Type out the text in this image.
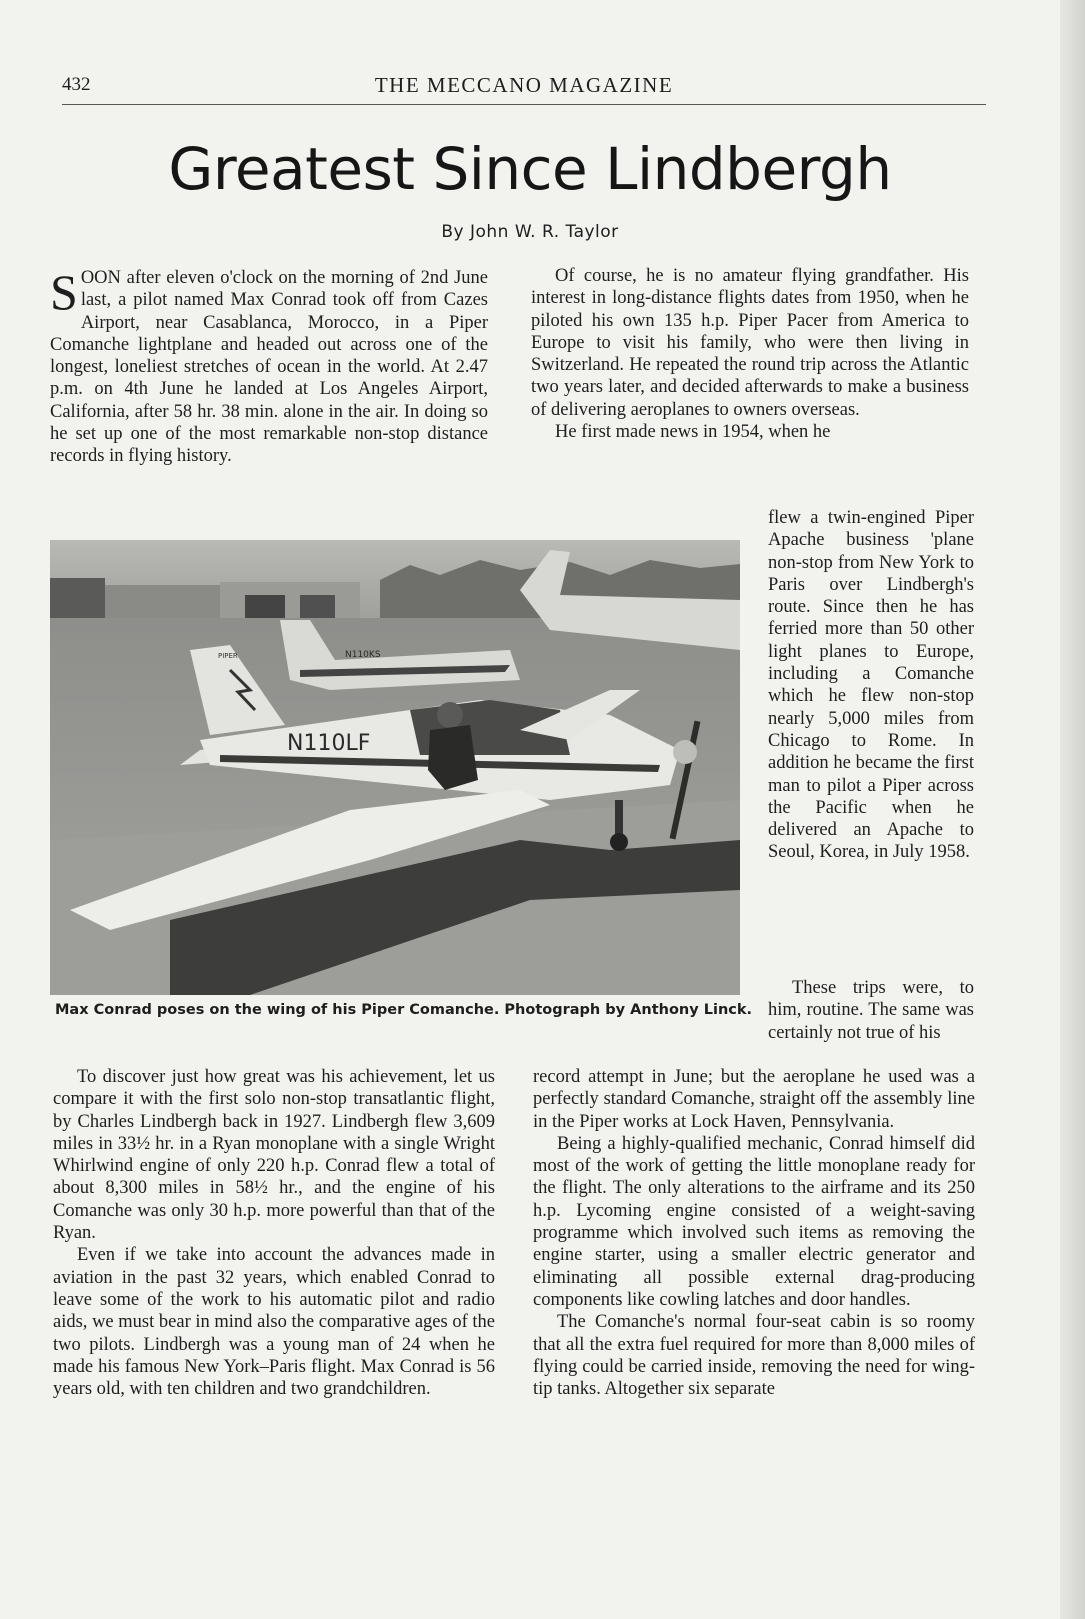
432	THE MECCANO MAGAZINE
Greatest Since Lindbergh
By John W. R. Taylor

SOON after eleven o'clock on the morning of 2nd June last, a pilot named Max Conrad took off from Cazes Airport, near Casablanca, Morocco, in a Piper Comanche lightplane and headed out across one of the longest, loneliest stretches of ocean in the world. At 2.47 p.m. on 4th June he landed at Los Angeles Airport, California, after 58 hr. 38 min. alone in the air. In doing so he set up one of the most remarkable non-stop distance records in flying history.

Of course, he is no amateur flying grandfather. His interest in long-distance flights dates from 1950, when he piloted his own 135 h.p. Piper Pacer from America to Europe to visit his family, who were then living in Switzerland. He repeated the round trip across the Atlantic two years later, and decided afterwards to make a business of delivering aeroplanes to owners overseas.

He first made news in 1954, when he

flew a twin-engined Piper Apache business 'plane non-stop from New York to Paris over Lindbergh's route. Since then he has ferried more than 50 other light planes to Europe, including a Comanche which he flew non-stop nearly 5,000 miles from Chicago to Rome. In addition he became the first man to pilot a Piper across the Pacific when he delivered an Apache to Seoul, Korea, in July 1958.

These trips were, to him, routine. The same was certainly not true of his

N110LF
N110KS
PIPER
Max Conrad poses on the wing of his Piper Comanche. Photograph by Anthony Linck.

To discover just how great was his achievement, let us compare it with the first solo non-stop transatlantic flight, by Charles Lindbergh back in 1927. Lindbergh flew 3,609 miles in 33½ hr. in a Ryan monoplane with a single Wright Whirlwind engine of only 220 h.p. Conrad flew a total of about 8,300 miles in 58½ hr., and the engine of his Comanche was only 30 h.p. more powerful than that of the Ryan.

Even if we take into account the advances made in aviation in the past 32 years, which enabled Conrad to leave some of the work to his automatic pilot and radio aids, we must bear in mind also the comparative ages of the two pilots. Lindbergh was a young man of 24 when he made his famous New York–Paris flight. Max Conrad is 56 years old, with ten children and two grandchildren.

record attempt in June; but the aeroplane he used was a perfectly standard Comanche, straight off the assembly line in the Piper works at Lock Haven, Pennsylvania.

Being a highly-qualified mechanic, Conrad himself did most of the work of getting the little monoplane ready for the flight. The only alterations to the airframe and its 250 h.p. Lycoming engine consisted of a weight-saving programme which involved such items as removing the engine starter, using a smaller electric generator and eliminating all possible external drag-producing components like cowling latches and door handles.

The Comanche's normal four-seat cabin is so roomy that all the extra fuel required for more than 8,000 miles of flying could be carried inside, removing the need for wing-tip tanks. Altogether six separate
